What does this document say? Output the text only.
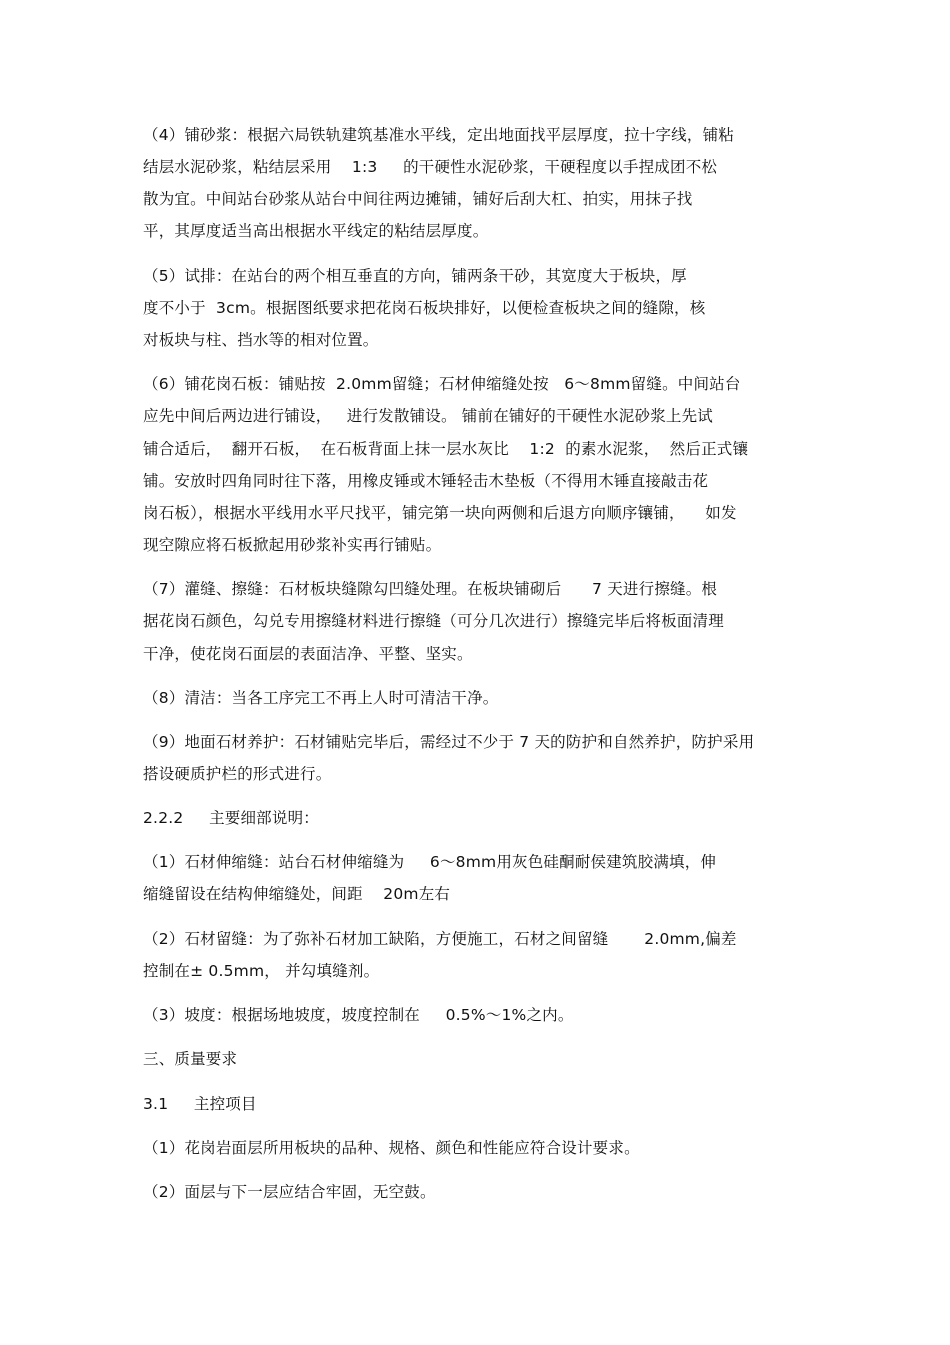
（4）铺砂浆：根据六局铁轨建筑基准水平线，定出地面找平层厚度，拉十字线，铺粘
结层水泥砂浆，粘结层采用    1:3     的干硬性水泥砂浆，干硬程度以手捏成团不松
散为宜。中间站台砂浆从站台中间往两边摊铺，铺好后刮大杠、拍实，用抹子找
平，其厚度适当高出根据水平线定的粘结层厚度。
（5）试排：在站台的两个相互垂直的方向，铺两条干砂，其宽度大于板块，厚
度不小于  3cm。根据图纸要求把花岗石板块排好，以便检查板块之间的缝隙，核
对板块与柱、挡水等的相对位置。
（6）铺花岗石板：铺贴按  2.0mm留缝；石材伸缩缝处按   6～8mm留缝。中间站台
应先中间后两边进行铺设，   进行发散铺设。 铺前在铺好的干硬性水泥砂浆上先试
铺合适后，  翻开石板，  在石板背面上抹一层水灰比    1:2  的素水泥浆，  然后正式镶
铺。安放时四角同时往下落，用橡皮锤或木锤轻击木垫板（不得用木锤直接敲击花
岗石板），根据水平线用水平尺找平，铺完第一块向两侧和后退方向顺序镶铺，    如发
现空隙应将石板掀起用砂浆补实再行铺贴。
（7）灌缝、擦缝：石材板块缝隙勾凹缝处理。在板块铺砌后      7 天进行擦缝。根
据花岗石颜色，勾兑专用擦缝材料进行擦缝（可分几次进行）擦缝完毕后将板面清理
干净，使花岗石面层的表面洁净、平整、坚实。
（8）清洁：当各工序完工不再上人时可清洁干净。
（9）地面石材养护：石材铺贴完毕后，需经过不少于 7 天的防护和自然养护，防护采用
搭设硬质护栏的形式进行。
2.2.2     主要细部说明：
（1）石材伸缩缝：站台石材伸缩缝为     6～8mm用灰色硅酮耐侯建筑胶满填，伸
缩缝留设在结构伸缩缝处，间距    20m左右
（2）石材留缝：为了弥补石材加工缺陷，方便施工，石材之间留缝       2.0mm,偏差
控制在± 0.5mm， 并勾填缝剂。
（3）坡度：根据场地坡度，坡度控制在     0.5%～1%之内。
三、质量要求
3.1     主控项目
（1）花岗岩面层所用板块的品种、规格、颜色和性能应符合设计要求。
（2）面层与下一层应结合牢固，无空鼓。
